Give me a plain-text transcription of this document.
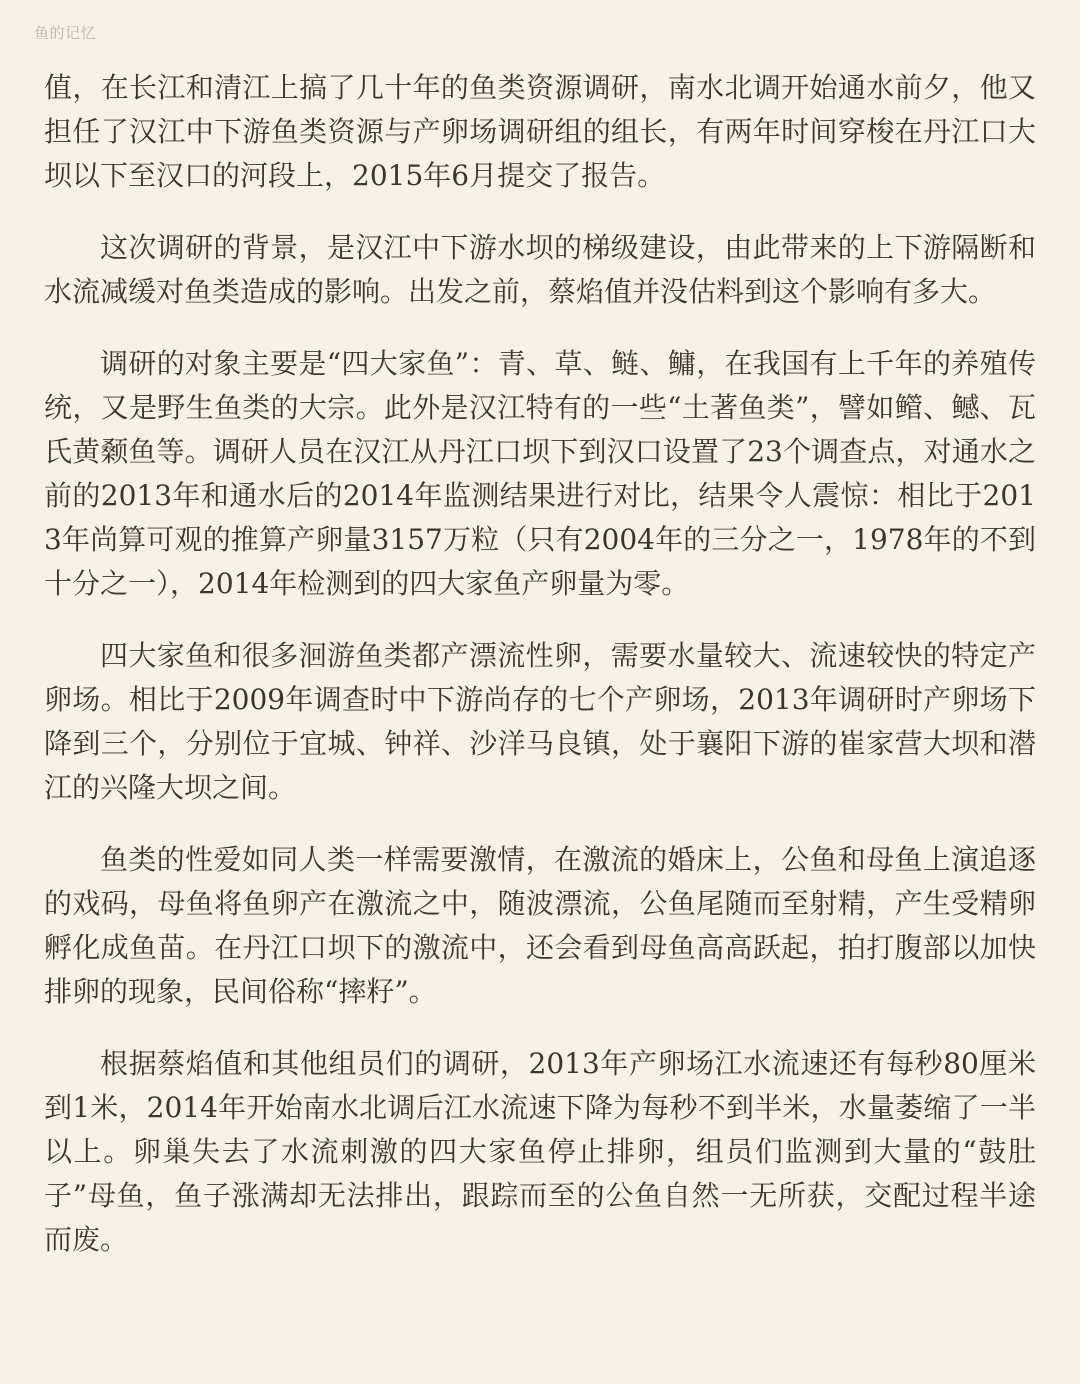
鱼的记忆

值，在长江和清江上搞了几十年的鱼类资源调研，南水北调开始通水前夕，他又担任了汉江中下游鱼类资源与产卵场调研组的组长，有两年时间穿梭在丹江口大坝以下至汉口的河段上，2015年6月提交了报告。

这次调研的背景，是汉江中下游水坝的梯级建设，由此带来的上下游隔断和水流减缓对鱼类造成的影响。出发之前，蔡焰值并没估料到这个影响有多大。

调研的对象主要是“四大家鱼”：青、草、鲢、鳙，在我国有上千年的养殖传统，又是野生鱼类的大宗。此外是汉江特有的一些“土著鱼类”，譬如鳤、鳡、瓦氏黄颡鱼等。调研人员在汉江从丹江口坝下到汉口设置了23个调查点，对通水之前的2013年和通水后的2014年监测结果进行对比，结果令人震惊：相比于2013年尚算可观的推算产卵量3157万粒（只有2004年的三分之一，1978年的不到十分之一），2014年检测到的四大家鱼产卵量为零。

四大家鱼和很多洄游鱼类都产漂流性卵，需要水量较大、流速较快的特定产卵场。相比于2009年调查时中下游尚存的七个产卵场，2013年调研时产卵场下降到三个，分别位于宜城、钟祥、沙洋马良镇，处于襄阳下游的崔家营大坝和潜江的兴隆大坝之间。

鱼类的性爱如同人类一样需要激情，在激流的婚床上，公鱼和母鱼上演追逐的戏码，母鱼将鱼卵产在激流之中，随波漂流，公鱼尾随而至射精，产生受精卵孵化成鱼苗。在丹江口坝下的激流中，还会看到母鱼高高跃起，拍打腹部以加快排卵的现象，民间俗称“摔籽”。

根据蔡焰值和其他组员们的调研，2013年产卵场江水流速还有每秒80厘米到1米，2014年开始南水北调后江水流速下降为每秒不到半米，水量萎缩了一半以上。卵巢失去了水流刺激的四大家鱼停止排卵，组员们监测到大量的“鼓肚子”母鱼，鱼子涨满却无法排出，跟踪而至的公鱼自然一无所获，交配过程半途而废。
